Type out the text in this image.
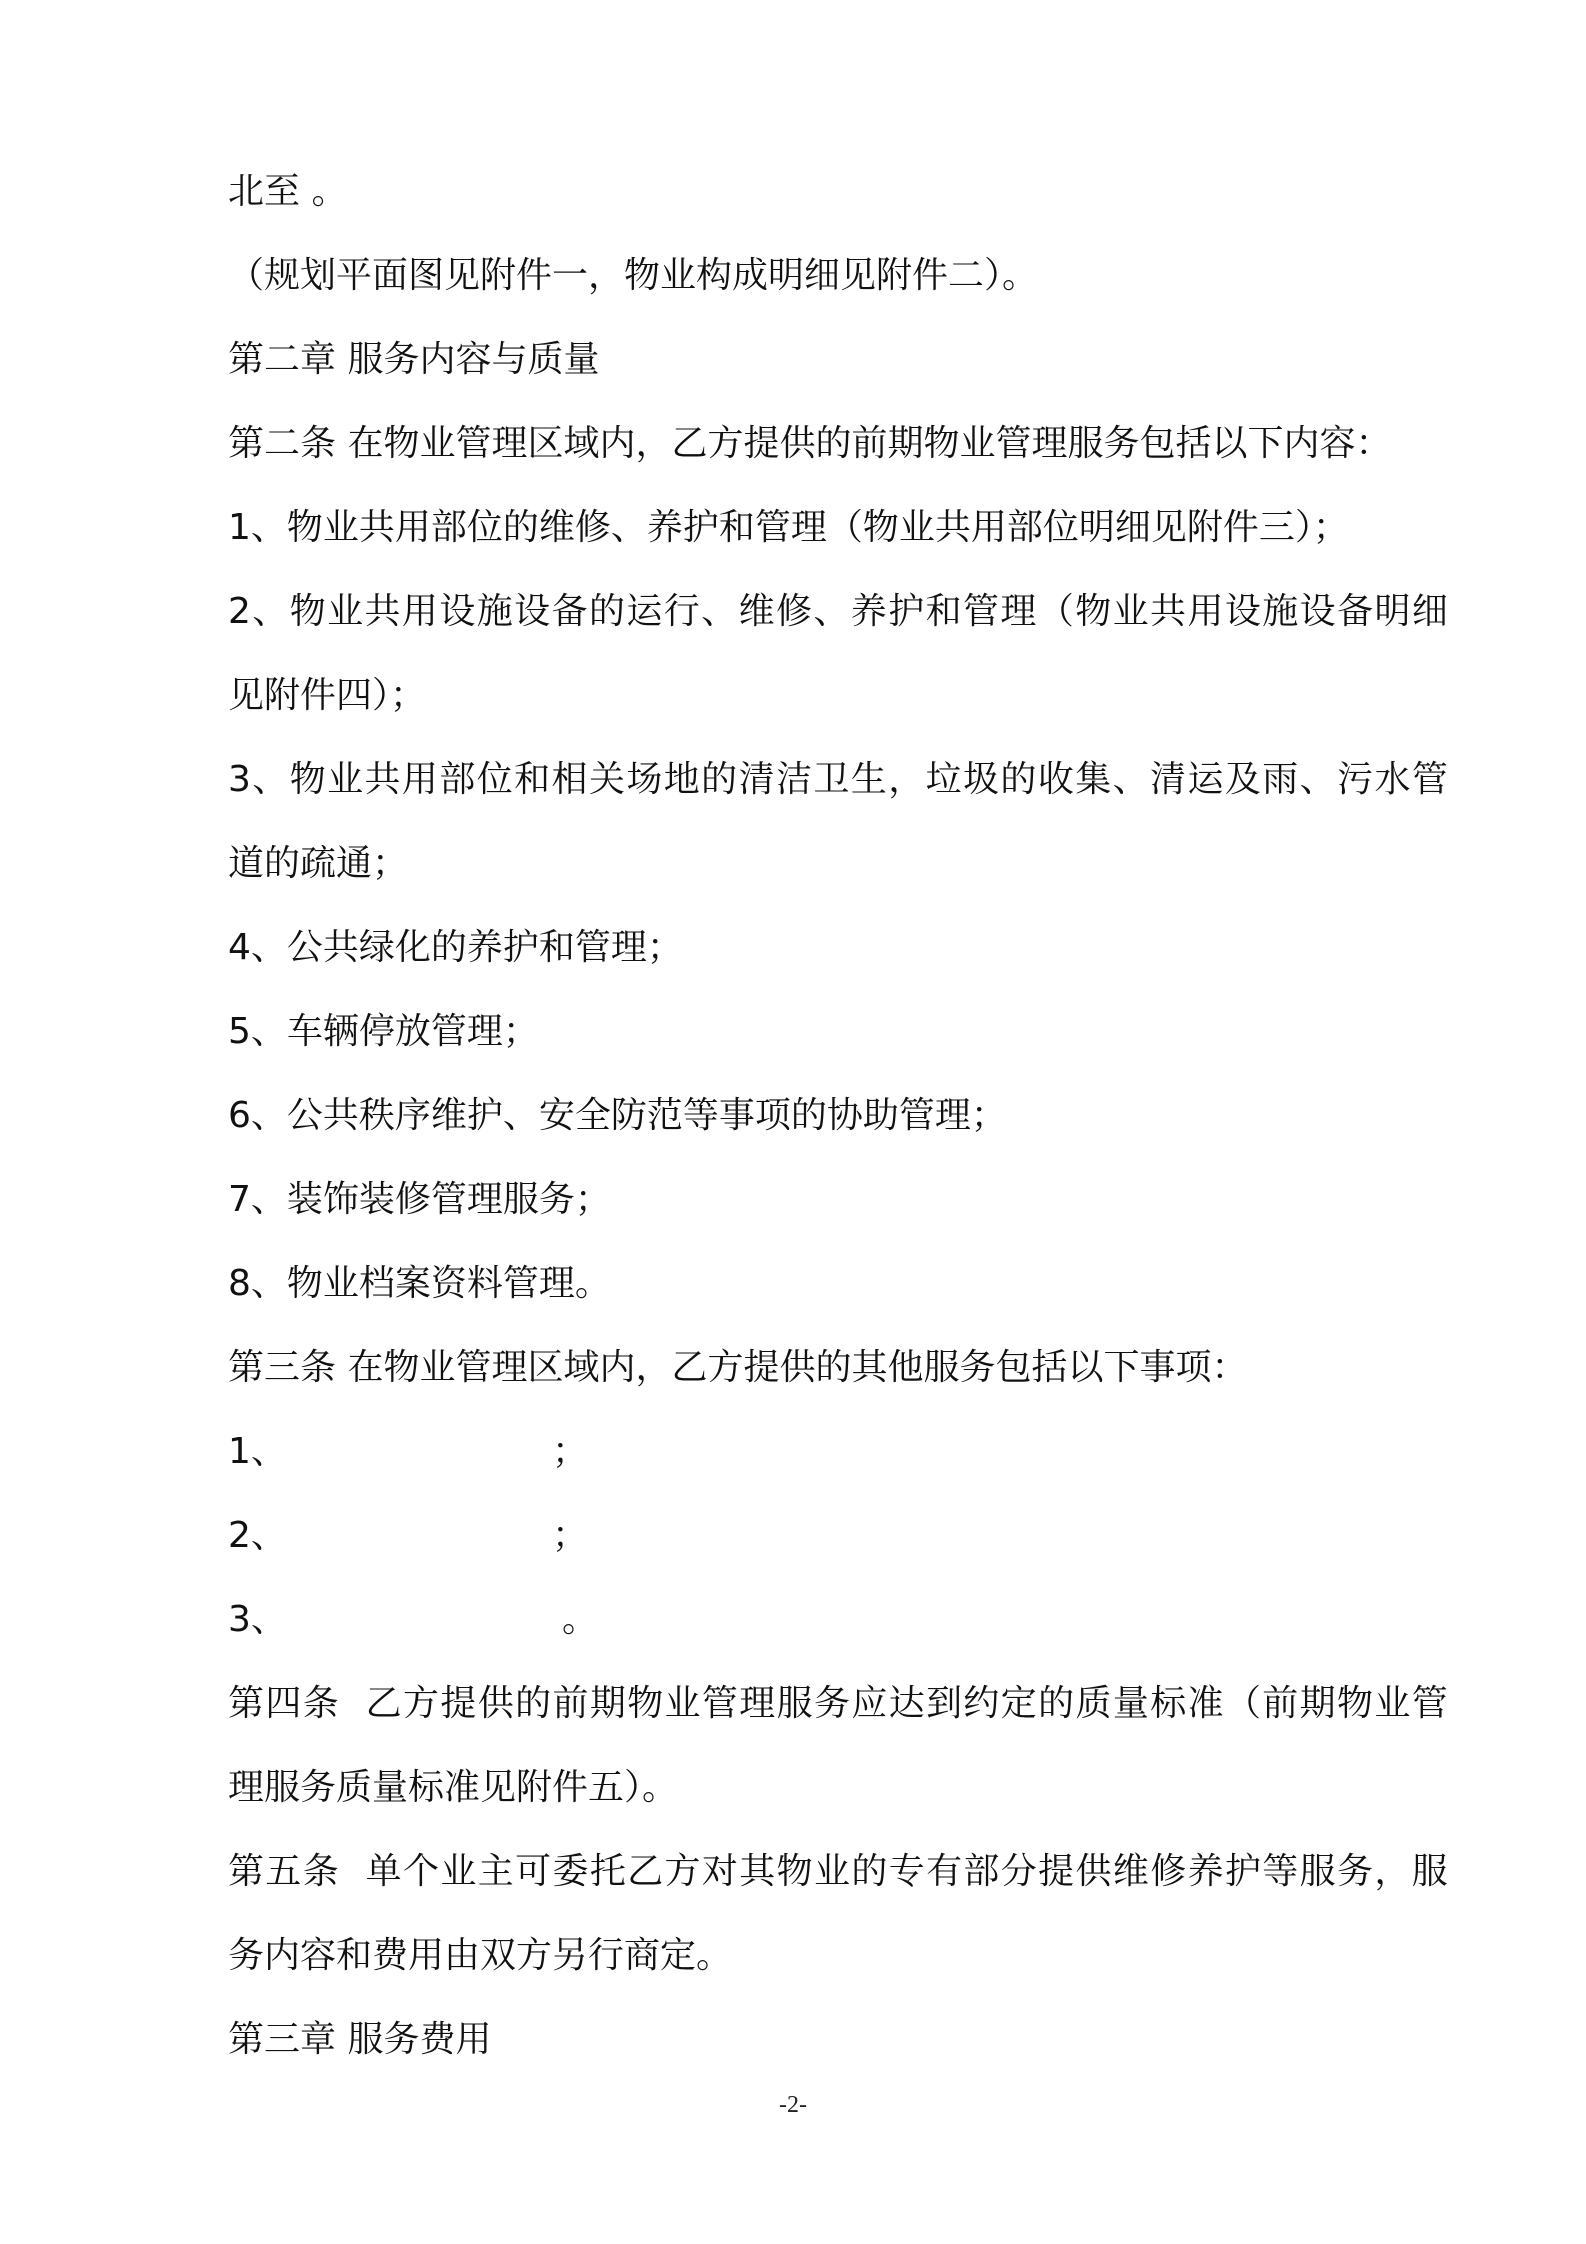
北至 。
（规划平面图见附件一，物业构成明细见附件二）。
第二章 服务内容与质量
第二条 在物业管理区域内，乙方提供的前期物业管理服务包括以下内容：
1、物业共用部位的维修、养护和管理（物业共用部位明细见附件三）；
2 、 物 业 共 用 设 施 设 备 的 运 行 、 维 修 、 养 护 和 管 理 （ 物 业 共 用 设 施 设 备 明 细
见附件四）；
3 、 物 业 共 用 部 位 和 相 关 场 地 的 清 洁 卫 生 ， 垃 圾 的 收 集 、 清 运 及 雨 、 污 水 管
道的疏通；
4、公共绿化的养护和管理；
5、车辆停放管理；
6、公共秩序维护、安全防范等事项的协助管理；
7、装饰装修管理服务；
8、物业档案资料管理。
第三条 在物业管理区域内，乙方提供的其他服务包括以下事项：
1、	；
2、	；
3、	。
第 四 条

乙 方 提 供 的 前 期 物 业 管 理 服 务 应 达 到 约 定 的 质 量 标 准 （ 前 期 物 业 管
理服务质量标准见附件五）。
第 五 条

单 个 业 主 可 委 托 乙 方 对 其 物 业 的 专 有 部 分 提 供 维 修 养 护 等 服 务 ， 服
务内容和费用由双方另行商定。
第三章 服务费用
-2-
